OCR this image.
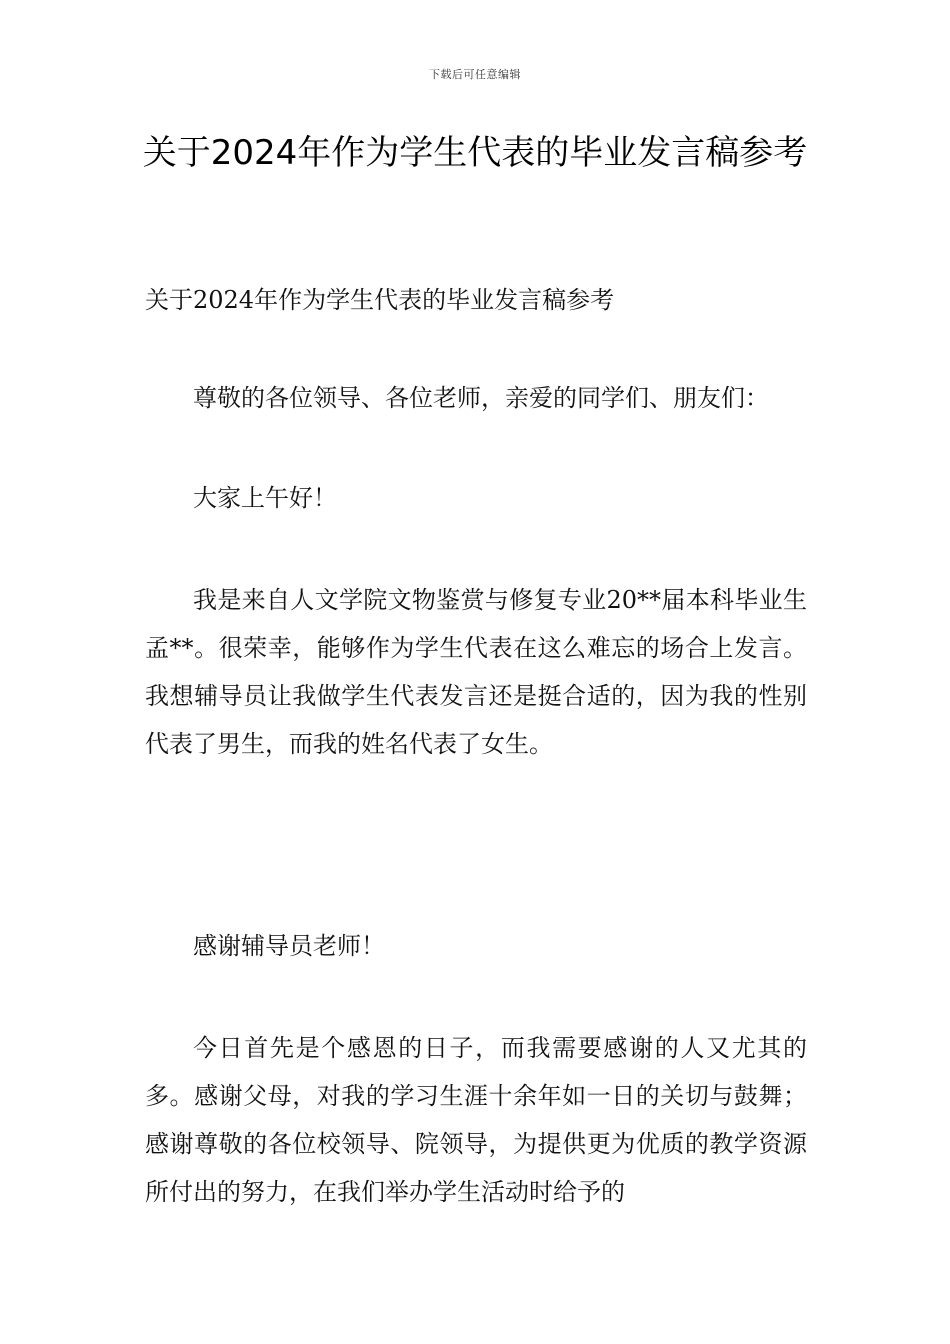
下载后可任意编辑
关于2024年作为学生代表的毕业发言稿参考

关于2024年作为学生代表的毕业发言稿参考

尊敬的各位领导、各位老师，亲爱的同学们、朋友们：

大家上午好！

我是来自人文学院文物鉴赏与修复专业20**届本科毕业生孟**。很荣幸，能够作为学生代表在这么难忘的场合上发言。我想辅导员让我做学生代表发言还是挺合适的，因为我的性别代表了男生，而我的姓名代表了女生。

感谢辅导员老师！

今日首先是个感恩的日子，而我需要感谢的人又尤其的多。感谢父母，对我的学习生涯十余年如一日的关切与鼓舞；感谢尊敬的各位校领导、院领导，为提供更为优质的教学资源所付出的努力，在我们举办学生活动时给予的
